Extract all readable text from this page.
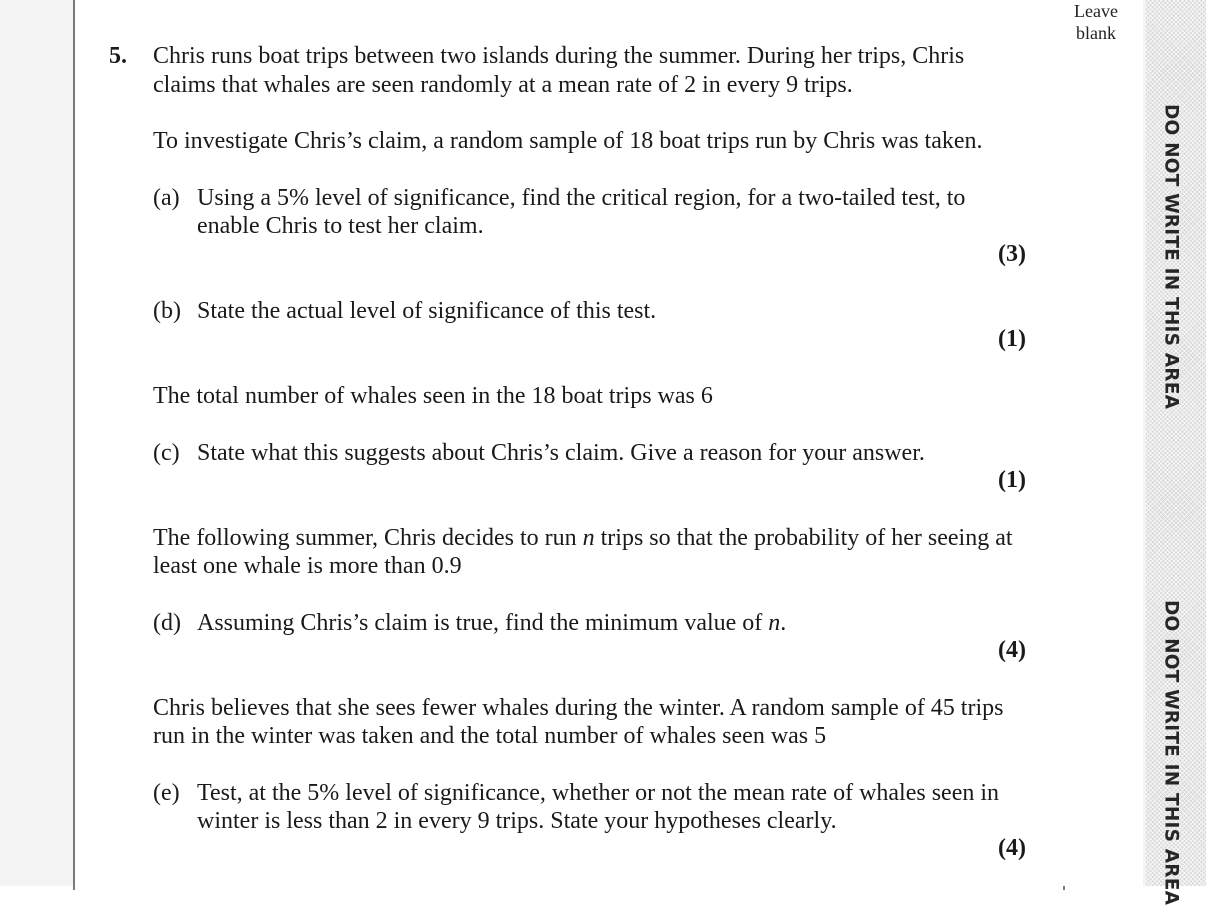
Leave blank
DO NOT WRITE IN THIS AREA
DO NOT WRITE IN THIS AREA
5. Chris runs boat trips between two islands during the summer. During her trips, Chris
claims that whales are seen randomly at a mean rate of 2 in every 9 trips.
To investigate Chris’s claim, a random sample of 18 boat trips run by Chris was taken.
(a) Using a 5% level of significance, find the critical region, for a two-tailed test, to
enable Chris to test her claim.
(3)
(b) State the actual level of significance of this test.
(1)
The total number of whales seen in the 18 boat trips was 6
(c) State what this suggests about Chris’s claim. Give a reason for your answer.
(1)
The following summer, Chris decides to run n trips so that the probability of her seeing at
least one whale is more than 0.9
(d) Assuming Chris’s claim is true, find the minimum value of n.
(4)
Chris believes that she sees fewer whales during the winter. A random sample of 45 trips
run in the winter was taken and the total number of whales seen was 5
(e) Test, at the 5% level of significance, whether or not the mean rate of whales seen in
winter is less than 2 in every 9 trips. State your hypotheses clearly.
(4)
